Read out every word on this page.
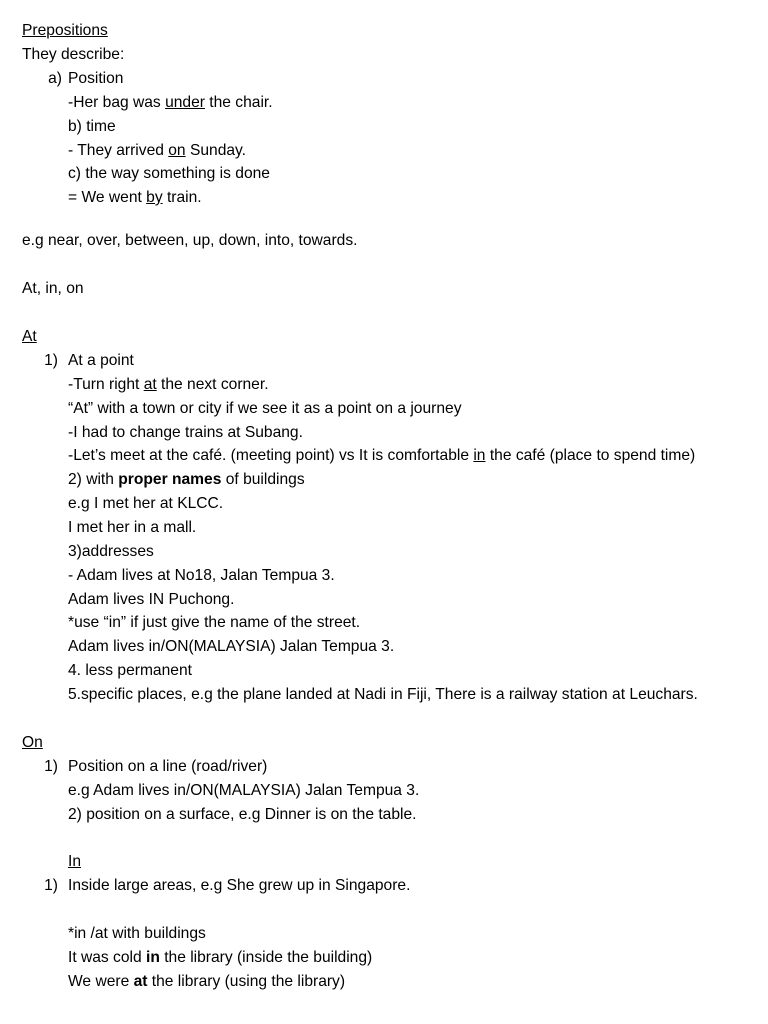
Prepositions
They describe:
a) Position
-Her bag was under the chair.
b) time
- They arrived on Sunday.
c) the way something is done
= We went by train.
e.g near, over, between, up, down, into, towards.
At, in, on
At
1) At a point
-Turn right at the next corner.
“At” with a town or city if we see it as a point on a journey
-I had to change trains at Subang.
-Let’s meet at the café. (meeting point) vs It is comfortable in the café (place to spend time)
2) with proper names of buildings
e.g I met her at KLCC.
I met her in a mall.
3)addresses
- Adam lives at No18, Jalan Tempua 3.
Adam lives IN Puchong.
*use “in” if just give the name of the street.
Adam lives in/ON(MALAYSIA) Jalan Tempua 3.
4. less permanent
5.specific places, e.g the plane landed at Nadi in Fiji, There is a railway station at Leuchars.
On
1) Position on a line (road/river)
e.g Adam lives in/ON(MALAYSIA) Jalan Tempua 3.
2) position on a surface, e.g Dinner is on the table.
In
1) Inside large areas, e.g She grew up in Singapore.
*in /at with buildings
It was cold in the library (inside the building)
We were at the library (using the library)
